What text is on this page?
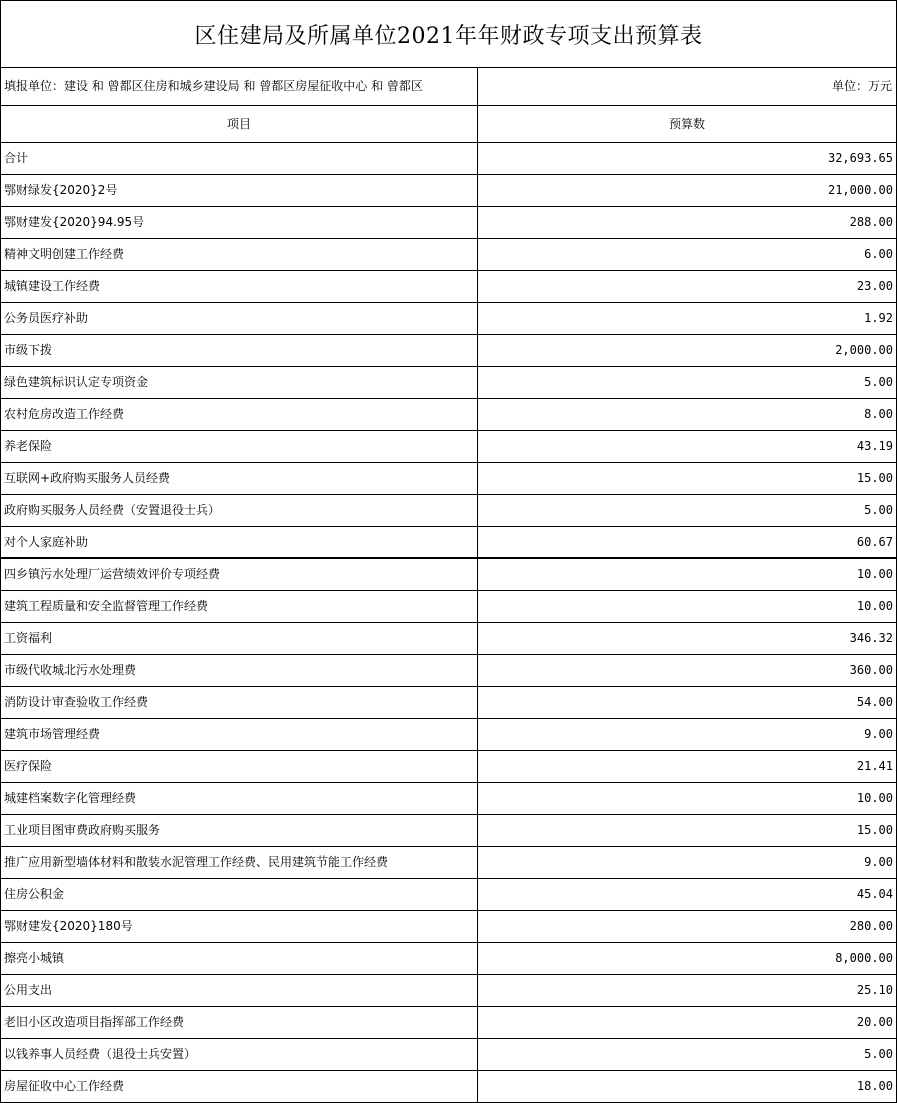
区住建局及所属单位2021年年财政专项支出预算表
填报单位：建设 和 曾都区住房和城乡建设局 和 曾都区房屋征收中心 和 曾都区	单位：万元
项目	预算数
合计	32,693.65
鄂财绿发{2020}2号	21,000.00
鄂财建发{2020}94.95号	288.00
精神文明创建工作经费	6.00
城镇建设工作经费	23.00
公务员医疗补助	1.92
市级下拨	2,000.00
绿色建筑标识认定专项资金	5.00
农村危房改造工作经费	8.00
养老保险	43.19
互联网+政府购买服务人员经费	15.00
政府购买服务人员经费（安置退役士兵）	5.00
对个人家庭补助	60.67
四乡镇污水处理厂运营绩效评价专项经费	10.00
建筑工程质量和安全监督管理工作经费	10.00
工资福利	346.32
市级代收城北污水处理费	360.00
消防设计审查验收工作经费	54.00
建筑市场管理经费	9.00
医疗保险	21.41
城建档案数字化管理经费	10.00
工业项目图审费政府购买服务	15.00
推广应用新型墙体材料和散装水泥管理工作经费、民用建筑节能工作经费	9.00
住房公积金	45.04
鄂财建发{2020}180号	280.00
擦亮小城镇	8,000.00
公用支出	25.10
老旧小区改造项目指挥部工作经费	20.00
以钱养事人员经费（退役士兵安置）	5.00
房屋征收中心工作经费	18.00
